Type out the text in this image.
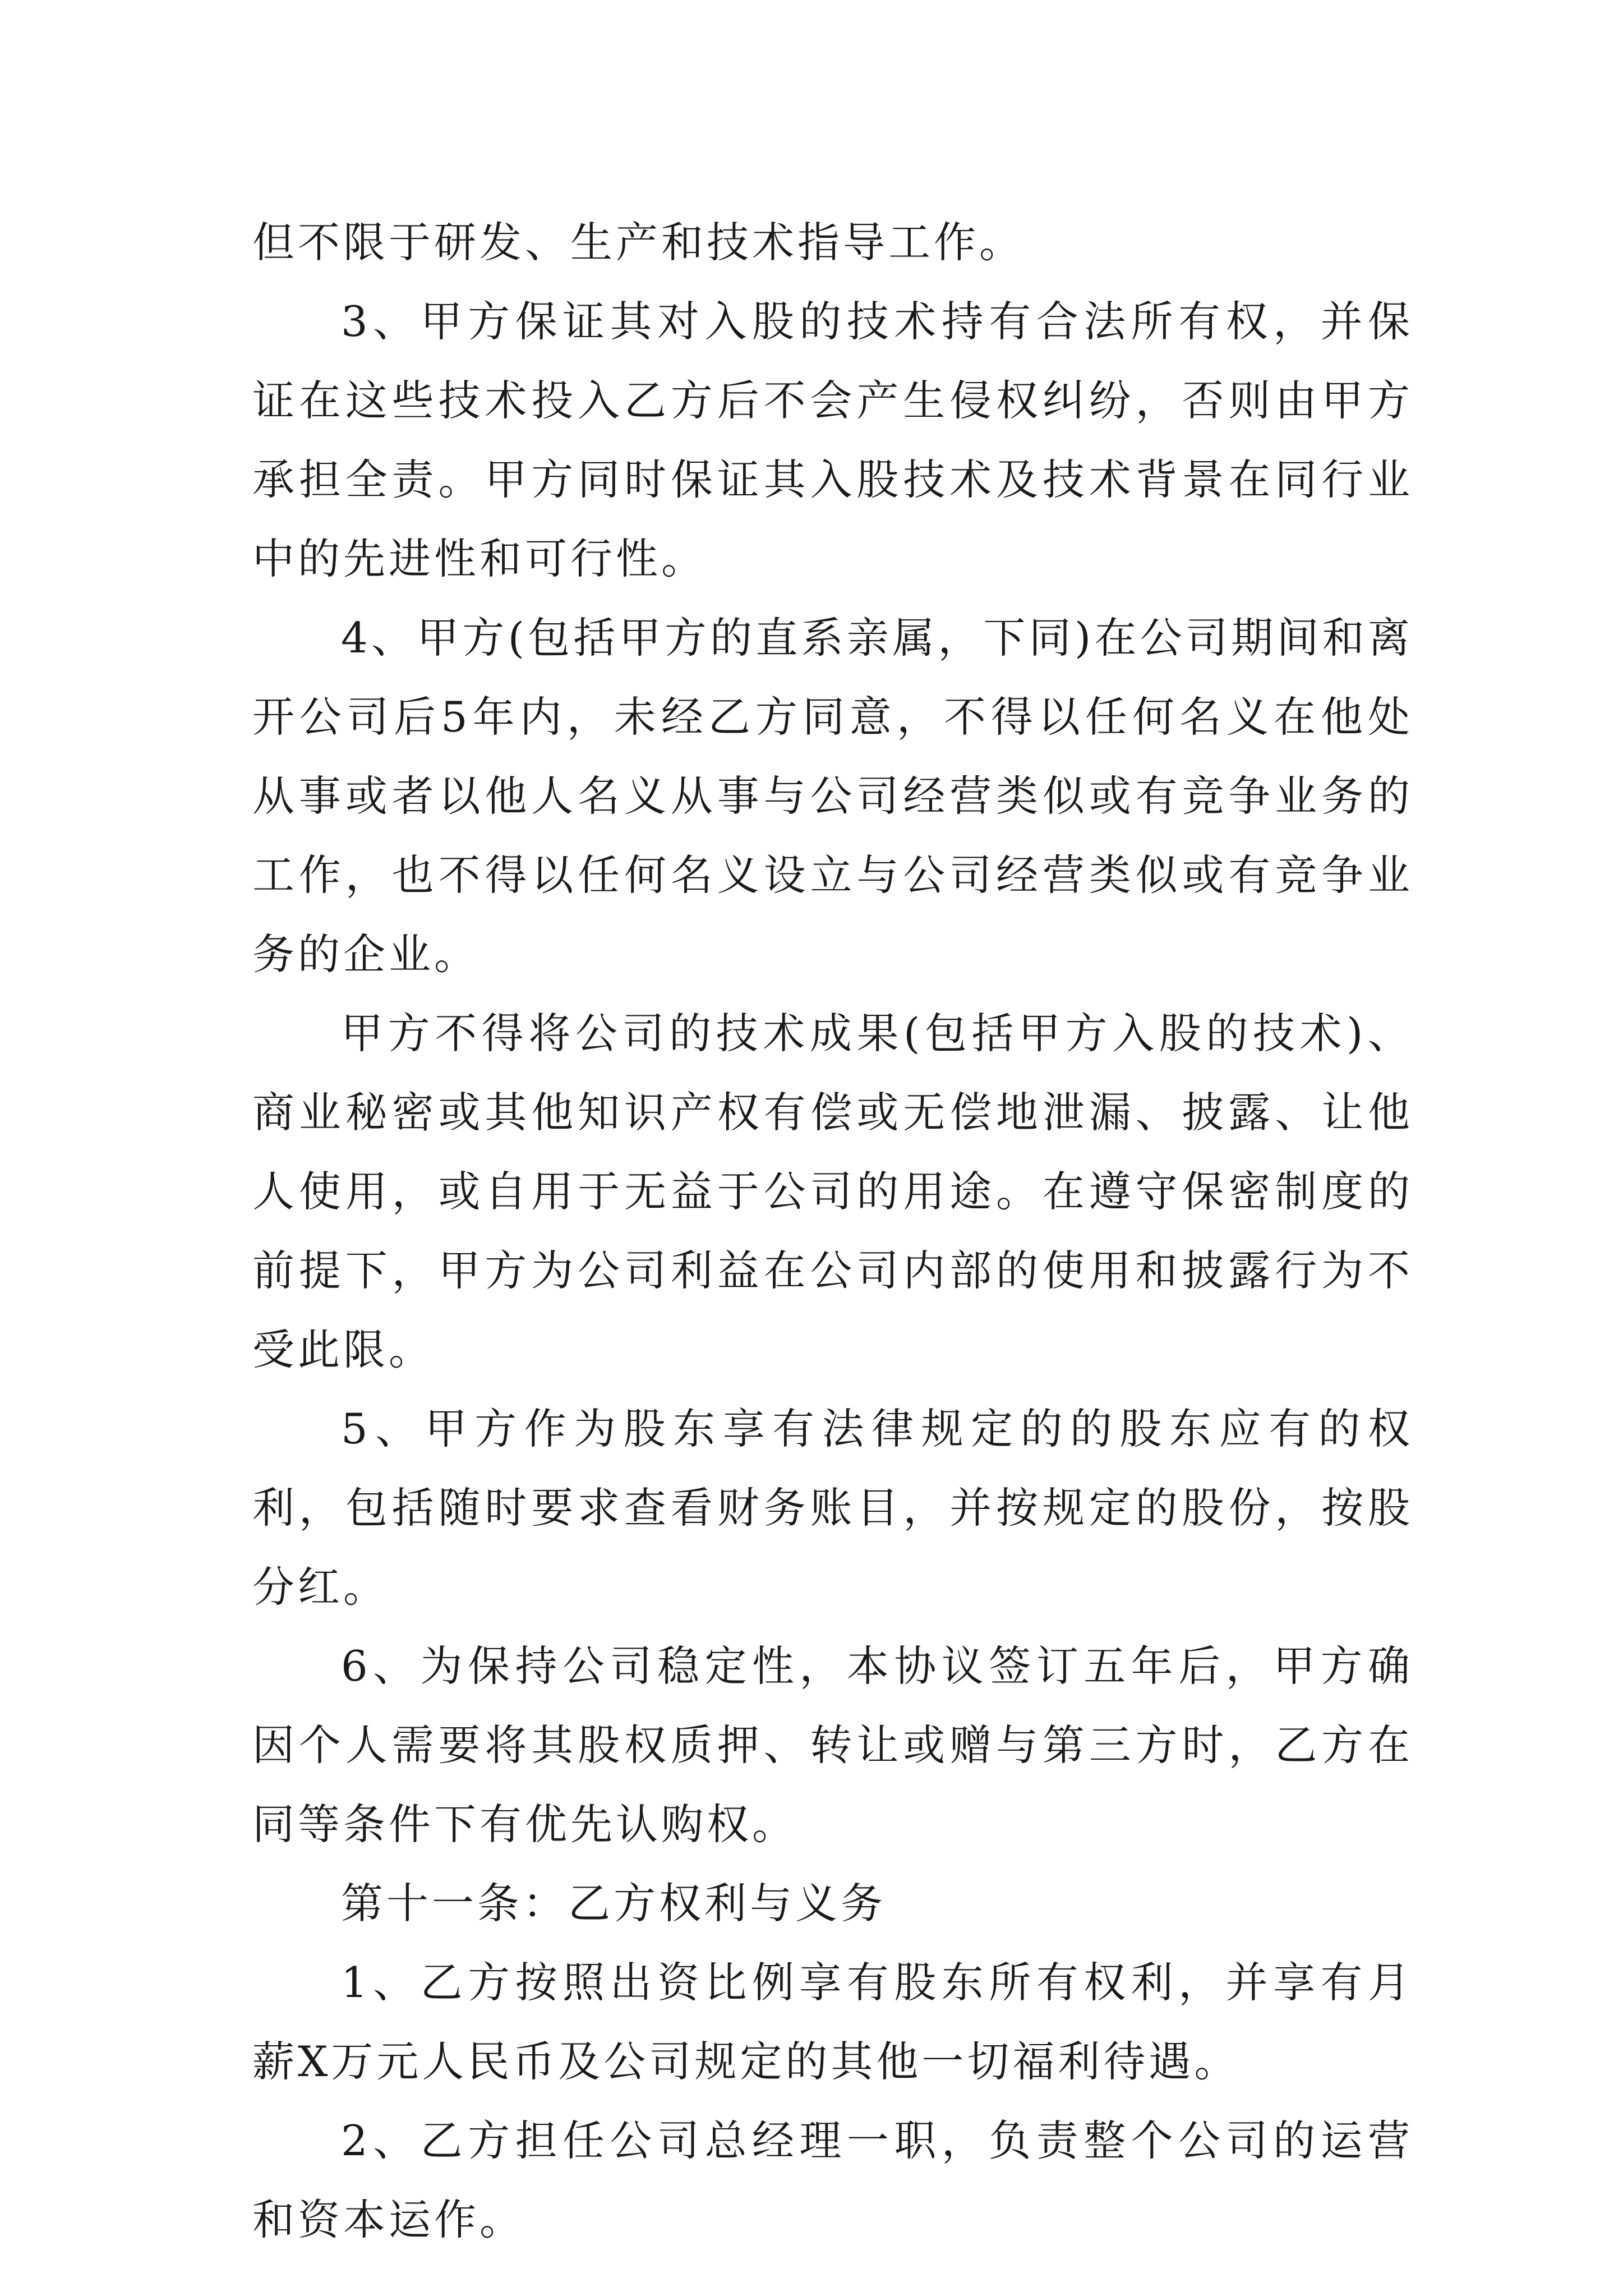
但不限于研发、生产和技术指导工作。

3、甲方保证其对入股的技术持有合法所有权，并保证在这些技术投入乙方后不会产生侵权纠纷，否则由甲方承担全责。甲方同时保证其入股技术及技术背景在同行业中的先进性和可行性。

4、甲方(包括甲方的直系亲属，下同)在公司期间和离开公司后5年内，未经乙方同意，不得以任何名义在他处从事或者以他人名义从事与公司经营类似或有竞争业务的工作，也不得以任何名义设立与公司经营类似或有竞争业务的企业。

甲方不得将公司的技术成果(包括甲方入股的技术)、商业秘密或其他知识产权有偿或无偿地泄漏、披露、让他人使用，或自用于无益于公司的用途。在遵守保密制度的前提下，甲方为公司利益在公司内部的使用和披露行为不受此限。

5、甲方作为股东享有法律规定的的股东应有的权利，包括随时要求查看财务账目，并按规定的股份，按股分红。

6、为保持公司稳定性，本协议签订五年后，甲方确因个人需要将其股权质押、转让或赠与第三方时，乙方在同等条件下有优先认购权。

第十一条：乙方权利与义务

1、乙方按照出资比例享有股东所有权利，并享有月薪X万元人民币及公司规定的其他一切福利待遇。

2、乙方担任公司总经理一职，负责整个公司的运营和资本运作。
